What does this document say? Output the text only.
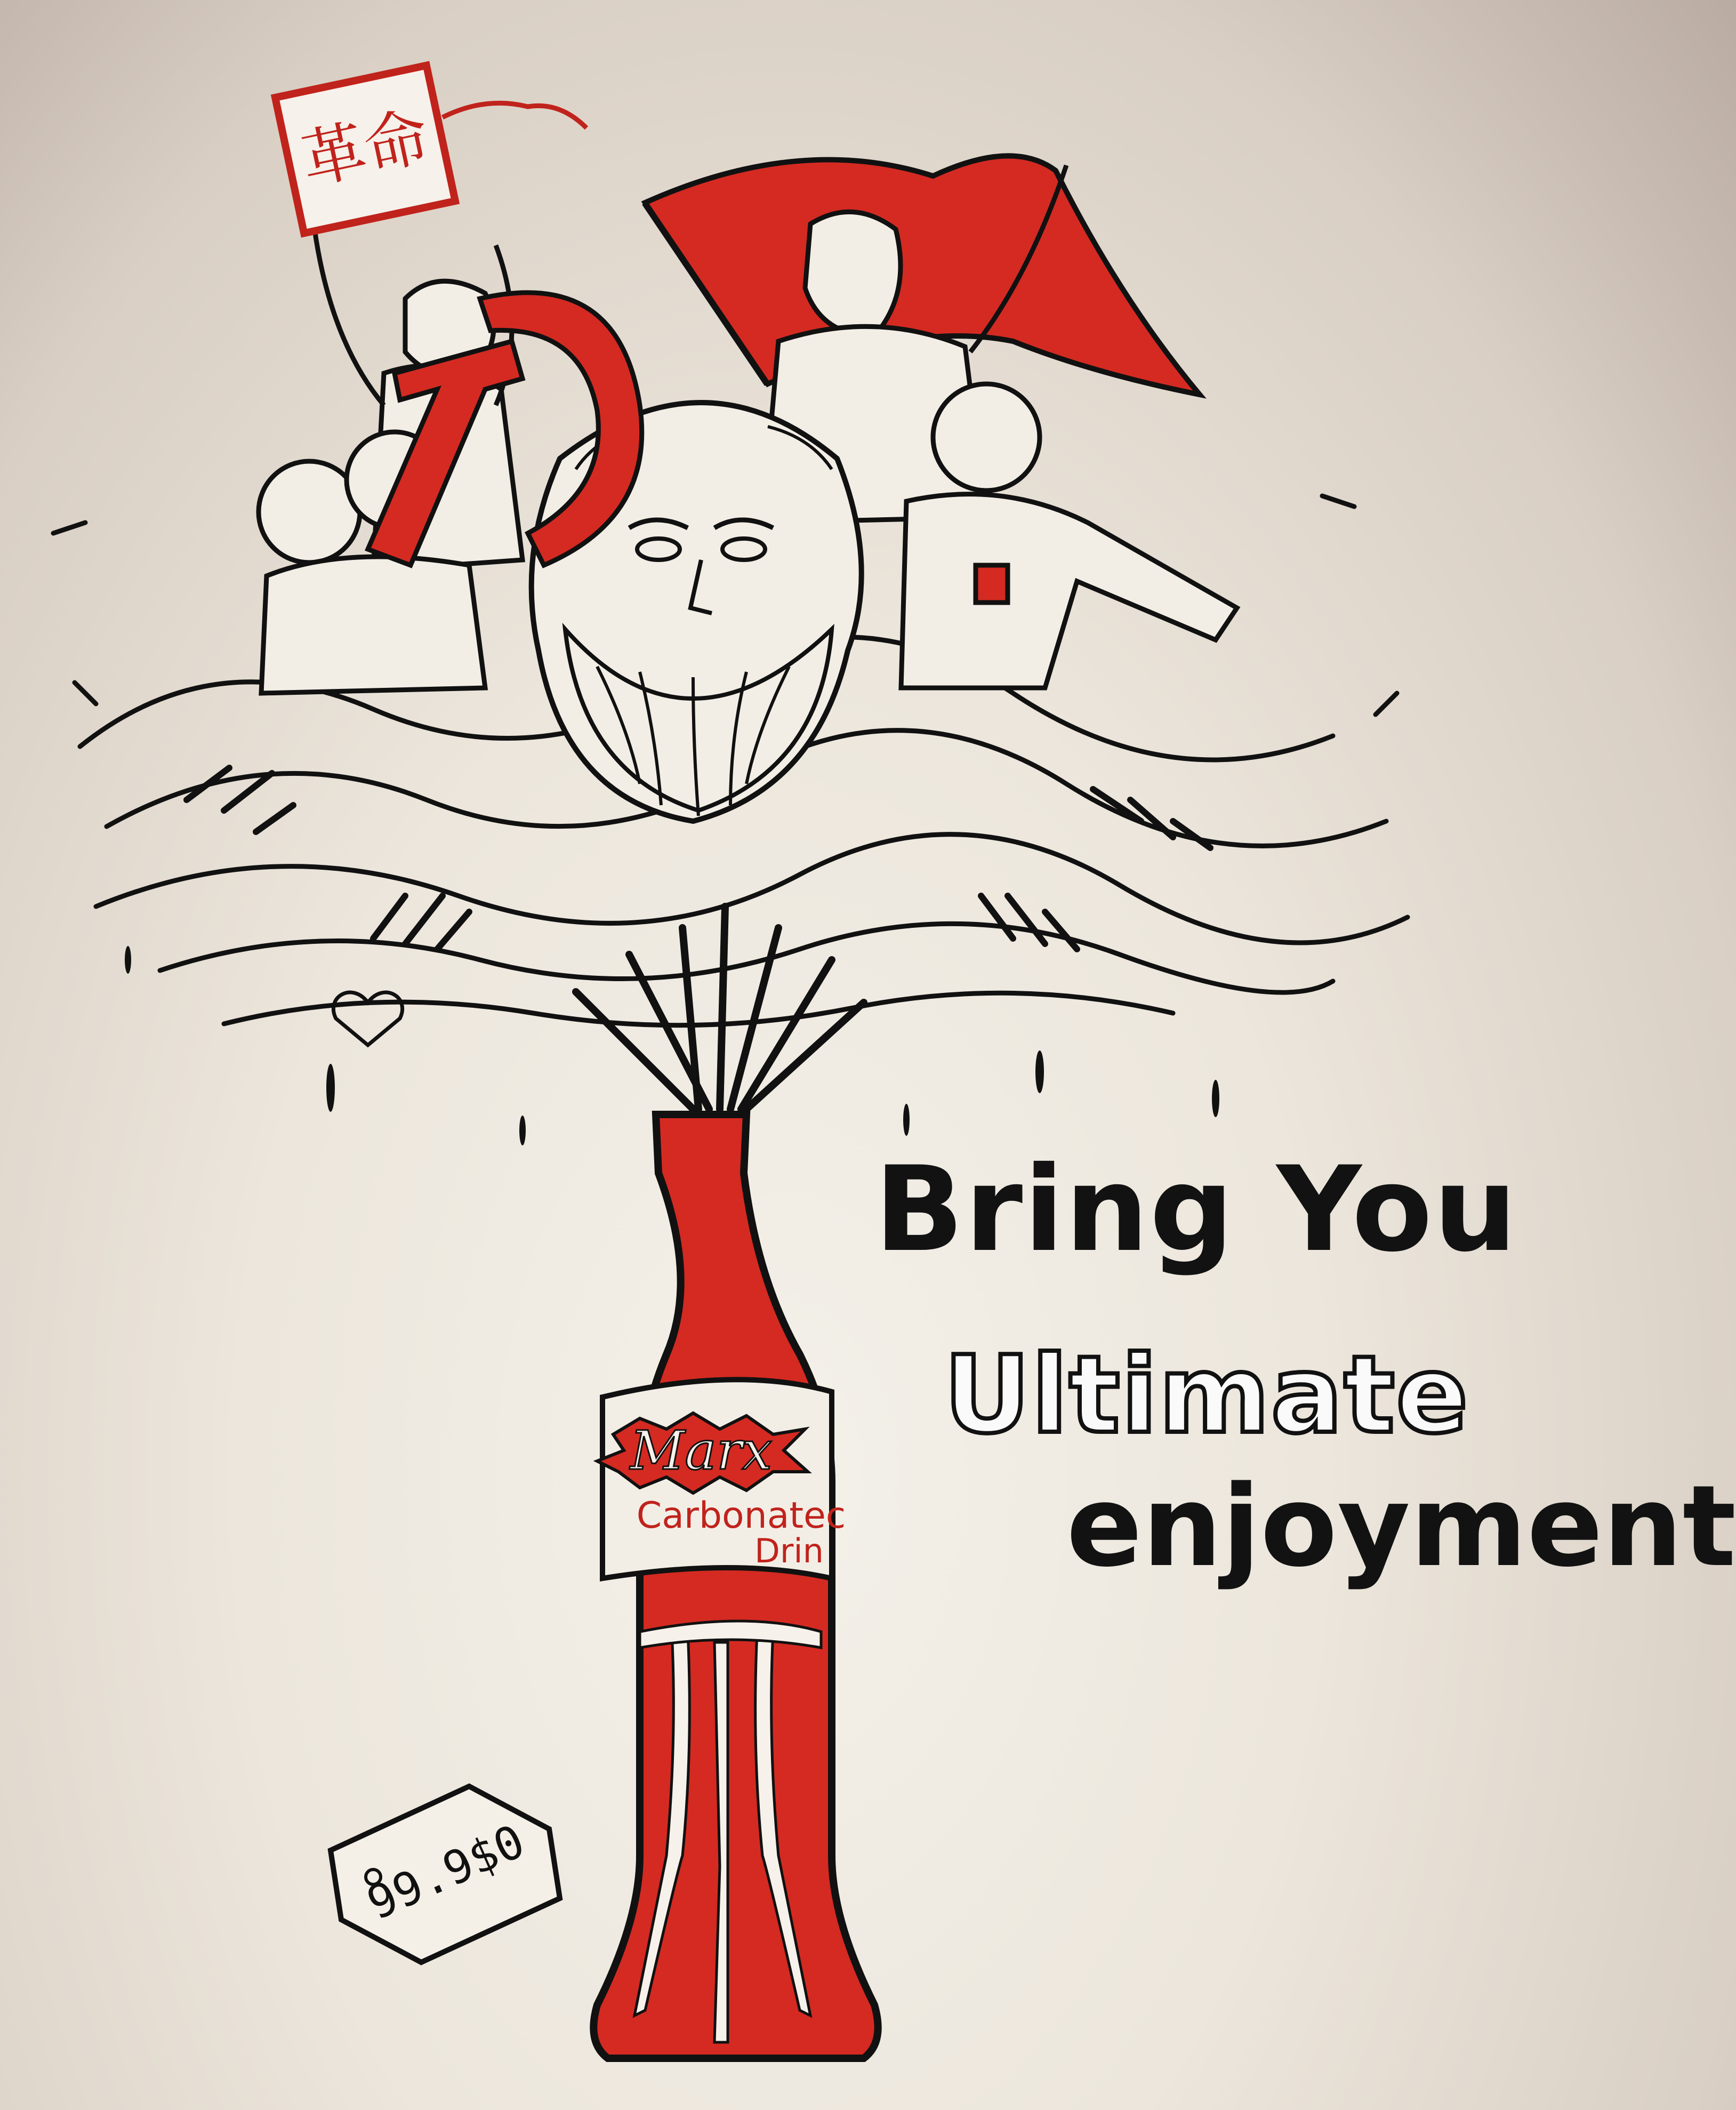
革命
Marx
Carbonatec
Drin
99.9$0
Bring You
Ultimate
enjoyment
